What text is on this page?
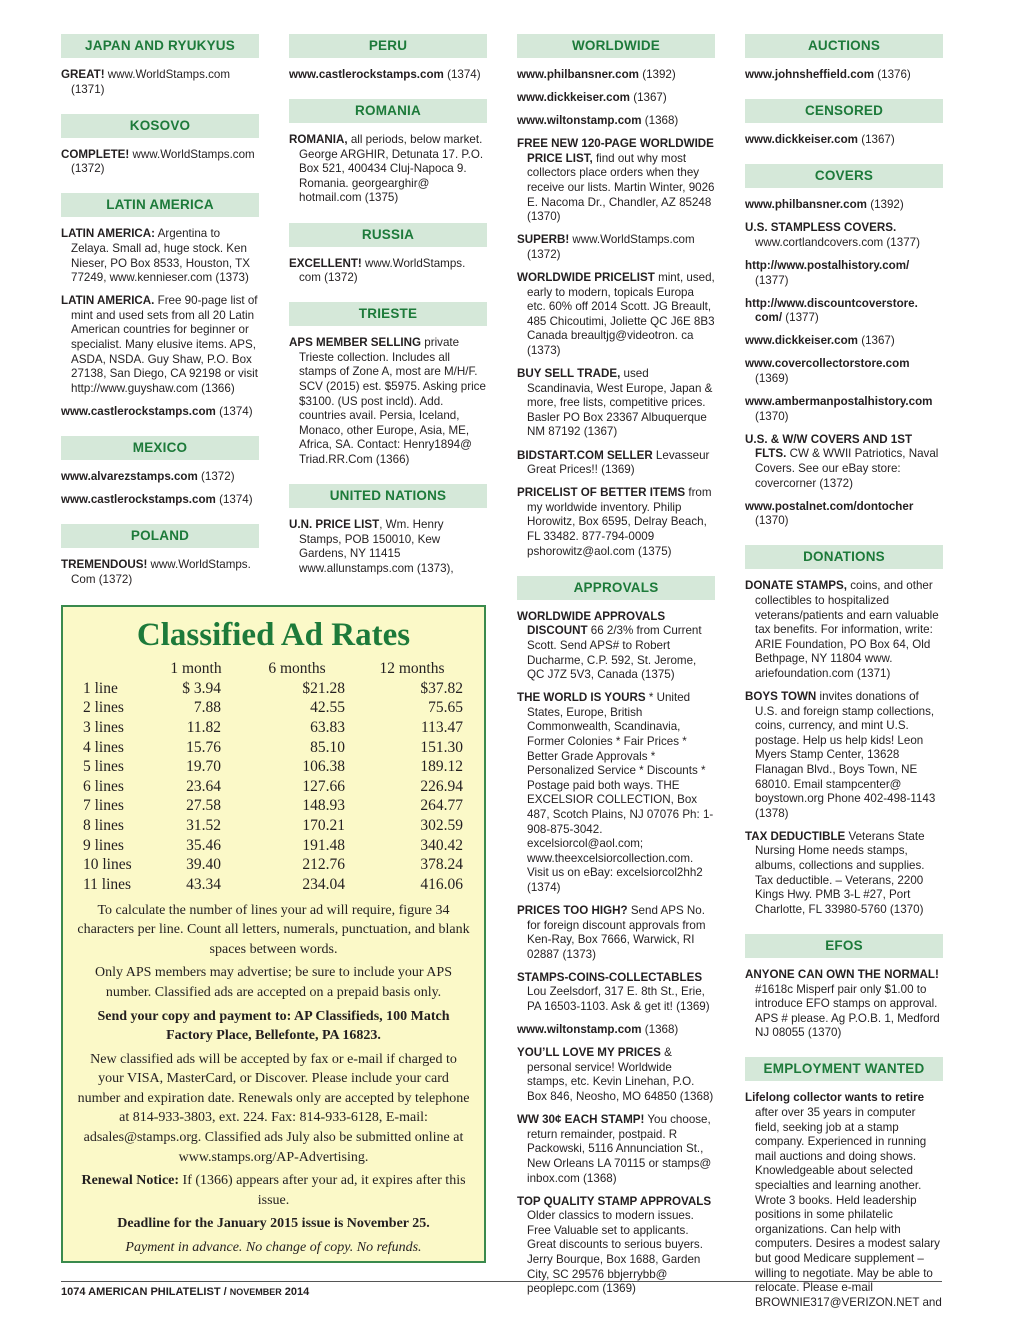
JAPAN AND RYUKYUS

GREAT! www.WorldStamps.com (1371)

KOSOVO

COMPLETE! www.WorldStamps.com (1372)

LATIN AMERICA

LATIN AMERICA: Argentina to Zelaya. Small ad, huge stock. Ken Nieser, PO Box 8533, Houston, TX 77249, www.kennieser.com (1373)

LATIN AMERICA. Free 90-page list of mint and used sets from all 20 Latin American countries for beginner or specialist. Many elusive items. APS, ASDA, NSDA. Guy Shaw, P.O. Box 27138, San Diego, CA 92198 or visit http://www.guyshaw.com (1366)

www.castlerockstamps.com (1374)

MEXICO

www.alvarezstamps.com (1372)

www.castlerockstamps.com (1374)

POLAND

TREMENDOUS! www.WorldStamps. Com (1372)

PERU

www.castlerockstamps.com (1374)

ROMANIA

ROMANIA, all periods, below market. George ARGHIR, Detunata 17. P.O. Box 521, 400434 Cluj-Napoca 9. Romania. georgearghir@ hotmail.com (1375)

RUSSIA

EXCELLENT! www.WorldStamps. com (1372)

TRIESTE

APS MEMBER SELLING private Trieste collection. Includes all stamps of Zone A, most are M/H/F. SCV (2015) est. $5975. Asking price $3100. (US post incld). Add. countries avail. Persia, Iceland, Monaco, other Europe, Asia, ME, Africa, SA. Contact: Henry1894@ Triad.RR.Com (1366)

UNITED NATIONS

U.N. PRICE LIST, Wm. Henry Stamps, POB 150010, Kew Gardens, NY 11415 www.allunstamps.com (1373),

WORLDWIDE

www.philbansner.com (1392)

www.dickkeiser.com (1367)

www.wiltonstamp.com (1368)

FREE NEW 120-PAGE WORLDWIDE PRICE LIST, find out why most collectors place orders when they receive our lists. Martin Winter, 9026 E. Nacoma Dr., Chandler, AZ 85248 (1370)

SUPERB! www.WorldStamps.com (1372)

WORLDWIDE PRICELIST mint, used, early to modern, topicals Europa etc. 60% off 2014 Scott. JG Breault, 485 Chicoutimi, Joliette QC J6E 8B3 Canada breaultjg@videotron. ca (1373)

BUY SELL TRADE, used Scandinavia, West Europe, Japan & more, free lists, competitive prices. Basler PO Box 23367 Albuquerque NM 87192 (1367)

BIDSTART.COM SELLER Levasseur Great Prices!! (1369)

PRICELIST OF BETTER ITEMS from my worldwide inventory. Philip Horowitz, Box 6595, Delray Beach, FL 33482. 877-794-0009 pshorowitz@aol.com (1375)

APPROVALS

WORLDWIDE APPROVALS DISCOUNT 66 2/3% from Current Scott. Send APS# to Robert Ducharme, C.P. 592, St. Jerome, QC J7Z 5V3, Canada (1375)

THE WORLD IS YOURS * United States, Europe, British Commonwealth, Scandinavia, Former Colonies * Fair Prices * Better Grade Approvals * Personalized Service * Discounts * Postage paid both ways. THE EXCELSIOR COLLECTION, Box 487, Scotch Plains, NJ 07076 Ph: 1-908-875-3042. excelsiorcol@aol.com; www.theexcelsiorcollection.com. Visit us on eBay: excelsiorcol2hh2 (1374)

PRICES TOO HIGH? Send APS No. for foreign discount approvals from Ken-Ray, Box 7666, Warwick, RI 02887 (1373)

STAMPS-COINS-COLLECTABLES Lou Zeelsdorf, 317 E. 8th St., Erie, PA 16503-1103. Ask & get it! (1369)

www.wiltonstamp.com (1368)

YOU’LL LOVE MY PRICES & personal service! Worldwide stamps, etc. Kevin Linehan, P.O. Box 846, Neosho, MO 64850 (1368)

WW 30¢ EACH STAMP! You choose, return remainder, postpaid. R Packowski, 5116 Annunciation St., New Orleans LA 70115 or stamps@ inbox.com (1368)

TOP QUALITY STAMP APPROVALS Older classics to modern issues. Free Valuable set to applicants. Great discounts to serious buyers. Jerry Bourque, Box 1688, Garden City, SC 29576 bbjerrybb@ peoplepc.com (1369)

AUCTIONS

www.johnsheffield.com (1376)

CENSORED

www.dickkeiser.com (1367)

COVERS

www.philbansner.com (1392)

U.S. STAMPLESS COVERS. www.cortlandcovers.com (1377)

http://www.postalhistory.com/ (1377)

http://www.discountcoverstore. com/ (1377)

www.dickkeiser.com (1367)

www.covercollectorstore.com (1369)

www.ambermanpostalhistory.com (1370)

U.S. & W/W COVERS AND 1ST FLTS. CW & WWII Patriotics, Naval Covers. See our eBay store: covercorner (1372)

www.postalnet.com/dontocher (1370)

DONATIONS

DONATE STAMPS, coins, and other collectibles to hospitalized veterans/patients and earn valuable tax benefits. For information, write: ARIE Foundation, PO Box 64, Old Bethpage, NY 11804 www. ariefoundation.com (1371)

BOYS TOWN invites donations of U.S. and foreign stamp collections, coins, currency, and mint U.S. postage. Help us help kids! Leon Myers Stamp Center, 13628 Flanagan Blvd., Boys Town, NE 68010. Email stampcenter@ boystown.org Phone 402-498-1143 (1378)

TAX DEDUCTIBLE Veterans State Nursing Home needs stamps, albums, collections and supplies. Tax deductible. – Veterans, 2200 Kings Hwy. PMB 3-L #27, Port Charlotte, FL 33980-5760 (1370)

EFOS

ANYONE CAN OWN THE NORMAL! #1618c Misperf pair only $1.00 to introduce EFO stamps on approval. APS # please. Ag P.O.B. 1, Medford NJ 08055 (1370)

EMPLOYMENT WANTED

Lifelong collector wants to retire after over 35 years in computer field, seeking job at a stamp company. Experienced in running mail auctions and doing shows. Knowledgeable about selected specialties and learning another. Wrote 3 books. Held leadership positions in some philatelic organizations. Can help with computers. Desires a modest salary but good Medicare supplement – willing to negotiate. May be able to relocate. Please e-mail BROWNIE317@VERIZON.NET and

Classified Ad Rates
	1 month	6 months	12 months
1 line	$ 3.94	$21.28	$37.82
2 lines	7.88	42.55	75.65
3 lines	11.82	63.83	113.47
4 lines	15.76	85.10	151.30
5 lines	19.70	106.38	189.12
6 lines	23.64	127.66	226.94
7 lines	27.58	148.93	264.77
8 lines	31.52	170.21	302.59
9 lines	35.46	191.48	340.42
10 lines	39.40	212.76	378.24
11 lines	43.34	234.04	416.06

To calculate the number of lines your ad will require, figure 34 characters per line. Count all letters, numerals, punctuation, and blank spaces between words.

Only APS members may advertise; be sure to include your APS number. Classified ads are accepted on a prepaid basis only.

Send your copy and payment to: AP Classifieds, 100 Match Factory Place, Bellefonte, PA 16823.

New classified ads will be accepted by fax or e-mail if charged to your VISA, MasterCard, or Discover. Please include your card number and expiration date. Renewals only are accepted by telephone at 814-933-3803, ext. 224. Fax: 814-933-6128, E-mail: adsales@stamps.org. Classified ads July also be submitted online at www.stamps.org/AP-Advertising.

Renewal Notice: If (1366) appears after your ad, it expires after this issue.

Deadline for the January 2015 issue is November 25.

Payment in advance. No change of copy. No refunds.

1074 AMERICAN PHILATELIST / NOVEMBER 2014
